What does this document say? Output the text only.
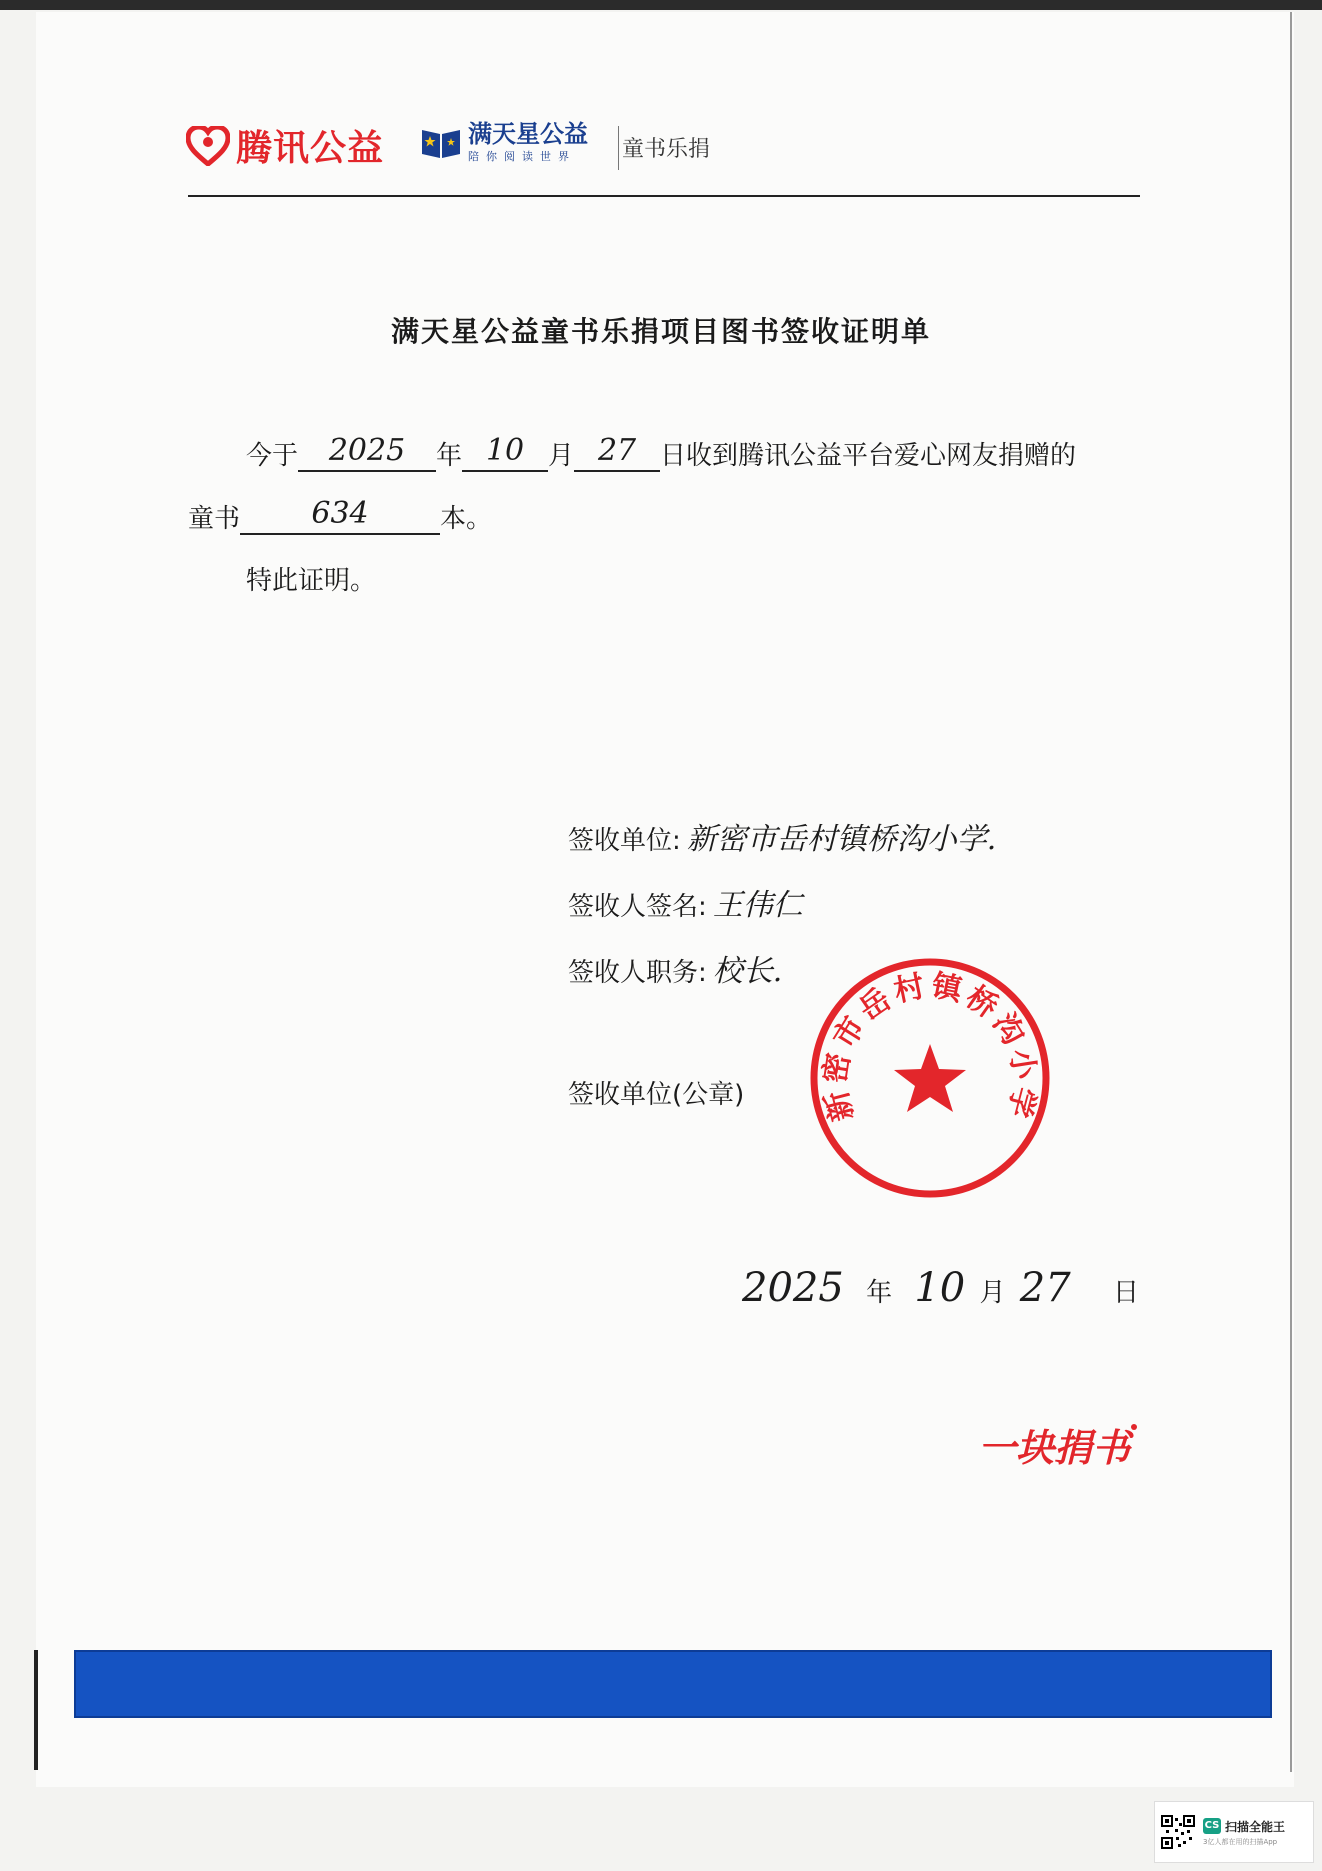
腾讯公益	满天星公益
陪你阅读世界	童书乐捐
满天星公益童书乐捐项目图书签收证明单
今于	2025	年 10 月 27 日收到腾讯公益平台爱心网友捐赠的
童书	634	本。
特此证明。
签收单位: 新密市岳村镇桥沟小学.
签收人签名: 王伟仁
签收人职务: 校长.
签收单位(公章) 新密市岳村镇桥沟小学
2025 年 10 月 27 日
一块捐书
CS 扫描全能王
3亿人都在用的扫描App
